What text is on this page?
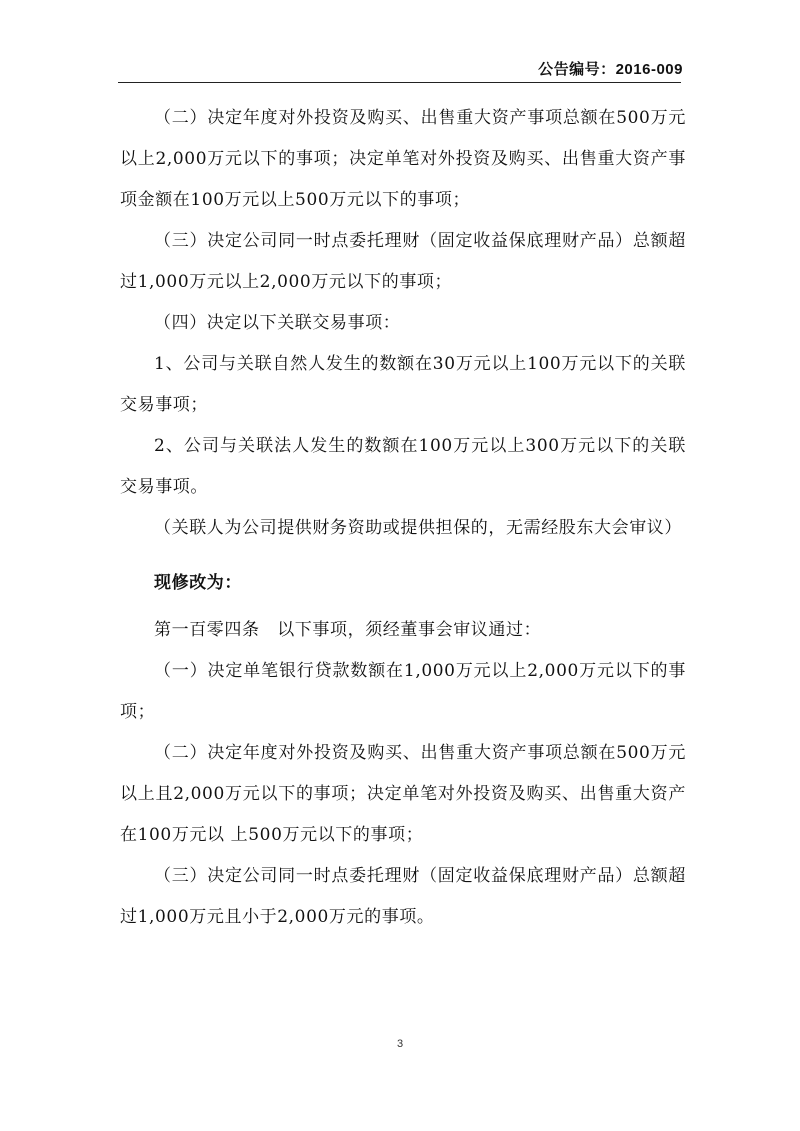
公告编号：2016-009

（二）决定年度对外投资及购买、出售重大资产事项总额在500万元以上2,000万元以下的事项；决定单笔对外投资及购买、出售重大资产事项金额在100万元以上500万元以下的事项；

（三）决定公司同一时点委托理财（固定收益保底理财产品）总额超过1,000万元以上2,000万元以下的事项；

（四）决定以下关联交易事项：

1、公司与关联自然人发生的数额在30万元以上100万元以下的关联交易事项；

2、公司与关联法人发生的数额在100万元以上300万元以下的关联交易事项。

（关联人为公司提供财务资助或提供担保的，无需经股东大会审议）

现修改为：

第一百零四条　以下事项，须经董事会审议通过：

（一）决定单笔银行贷款数额在1,000万元以上2,000万元以下的事项；

（二）决定年度对外投资及购买、出售重大资产事项总额在500万元以上且2,000万元以下的事项；决定单笔对外投资及购买、出售重大资产在100万元以 上500万元以下的事项；

（三）决定公司同一时点委托理财（固定收益保底理财产品）总额超过1,000万元且小于2,000万元的事项。

3
